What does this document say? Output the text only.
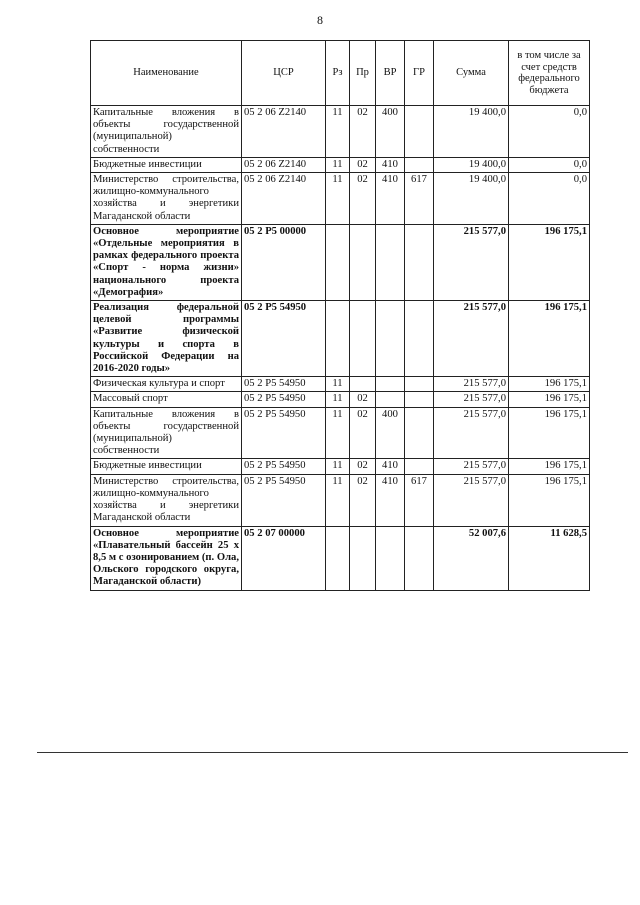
8
Наименование	ЦСР	Рз	Пр	ВР	ГР	Сумма	в том числе за счет средств федерального бюджета
Капитальные вложения в объекты государственной (муниципальной) собственности	05 2 06 Z2140	11	02	400		19 400,0	0,0
Бюджетные инвестиции	05 2 06 Z2140	11	02	410		19 400,0	0,0
Министерство строительства, жилищно-коммунального хозяйства и энергетики Магаданской области	05 2 06 Z2140	11	02	410	617	19 400,0	0,0
Основное мероприятие «Отдельные мероприятия в рамках федерального проекта «Спорт - норма жизни» национального проекта «Демография»	05 2 P5 00000					215 577,0	196 175,1
Реализация федеральной целевой программы «Развитие физической культуры и спорта в Российской Федерации на 2016-2020 годы»	05 2 P5 54950					215 577,0	196 175,1
Физическая культура и спорт	05 2 P5 54950	11				215 577,0	196 175,1
Массовый спорт	05 2 P5 54950	11	02			215 577,0	196 175,1
Капитальные вложения в объекты государственной (муниципальной) собственности	05 2 P5 54950	11	02	400		215 577,0	196 175,1
Бюджетные инвестиции	05 2 P5 54950	11	02	410		215 577,0	196 175,1
Министерство строительства, жилищно-коммунального хозяйства и энергетики Магаданской области	05 2 P5 54950	11	02	410	617	215 577,0	196 175,1
Основное мероприятие «Плавательный бассейн 25 х 8,5 м с озонированием (п. Ола, Ольского городского округа, Магаданской области)	05 2 07 00000					52 007,6	11 628,5
